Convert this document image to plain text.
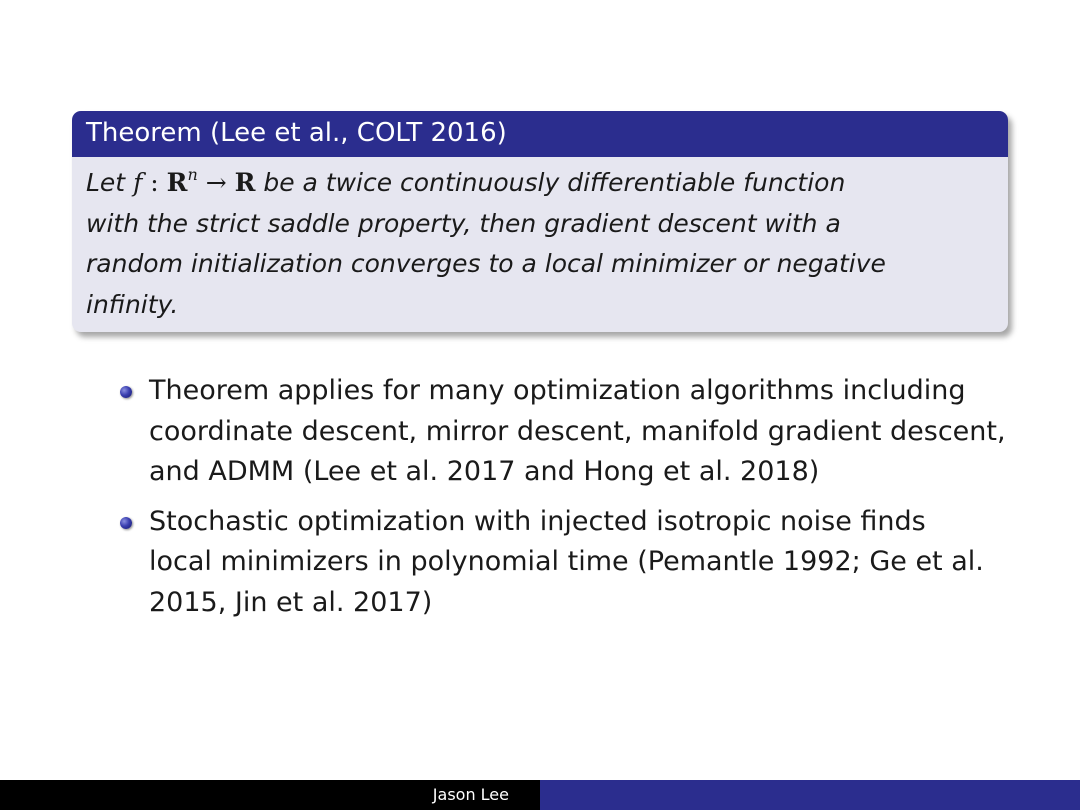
Theorem (Lee et al., COLT 2016)
Let f : $R^n \to R$ be a twice continuously differentiable function
with the strict saddle property, then gradient descent with a
random initialization converges to a local minimizer or negative
infinity.
Theorem applies for many optimization algorithms including
coordinate descent, mirror descent, manifold gradient descent,
and ADMM (Lee et al. 2017 and Hong et al. 2018)
Stochastic optimization with injected isotropic noise finds
local minimizers in polynomial time (Pemantle 1992; Ge et al.
2015, Jin et al. 2017)
Jason Lee
